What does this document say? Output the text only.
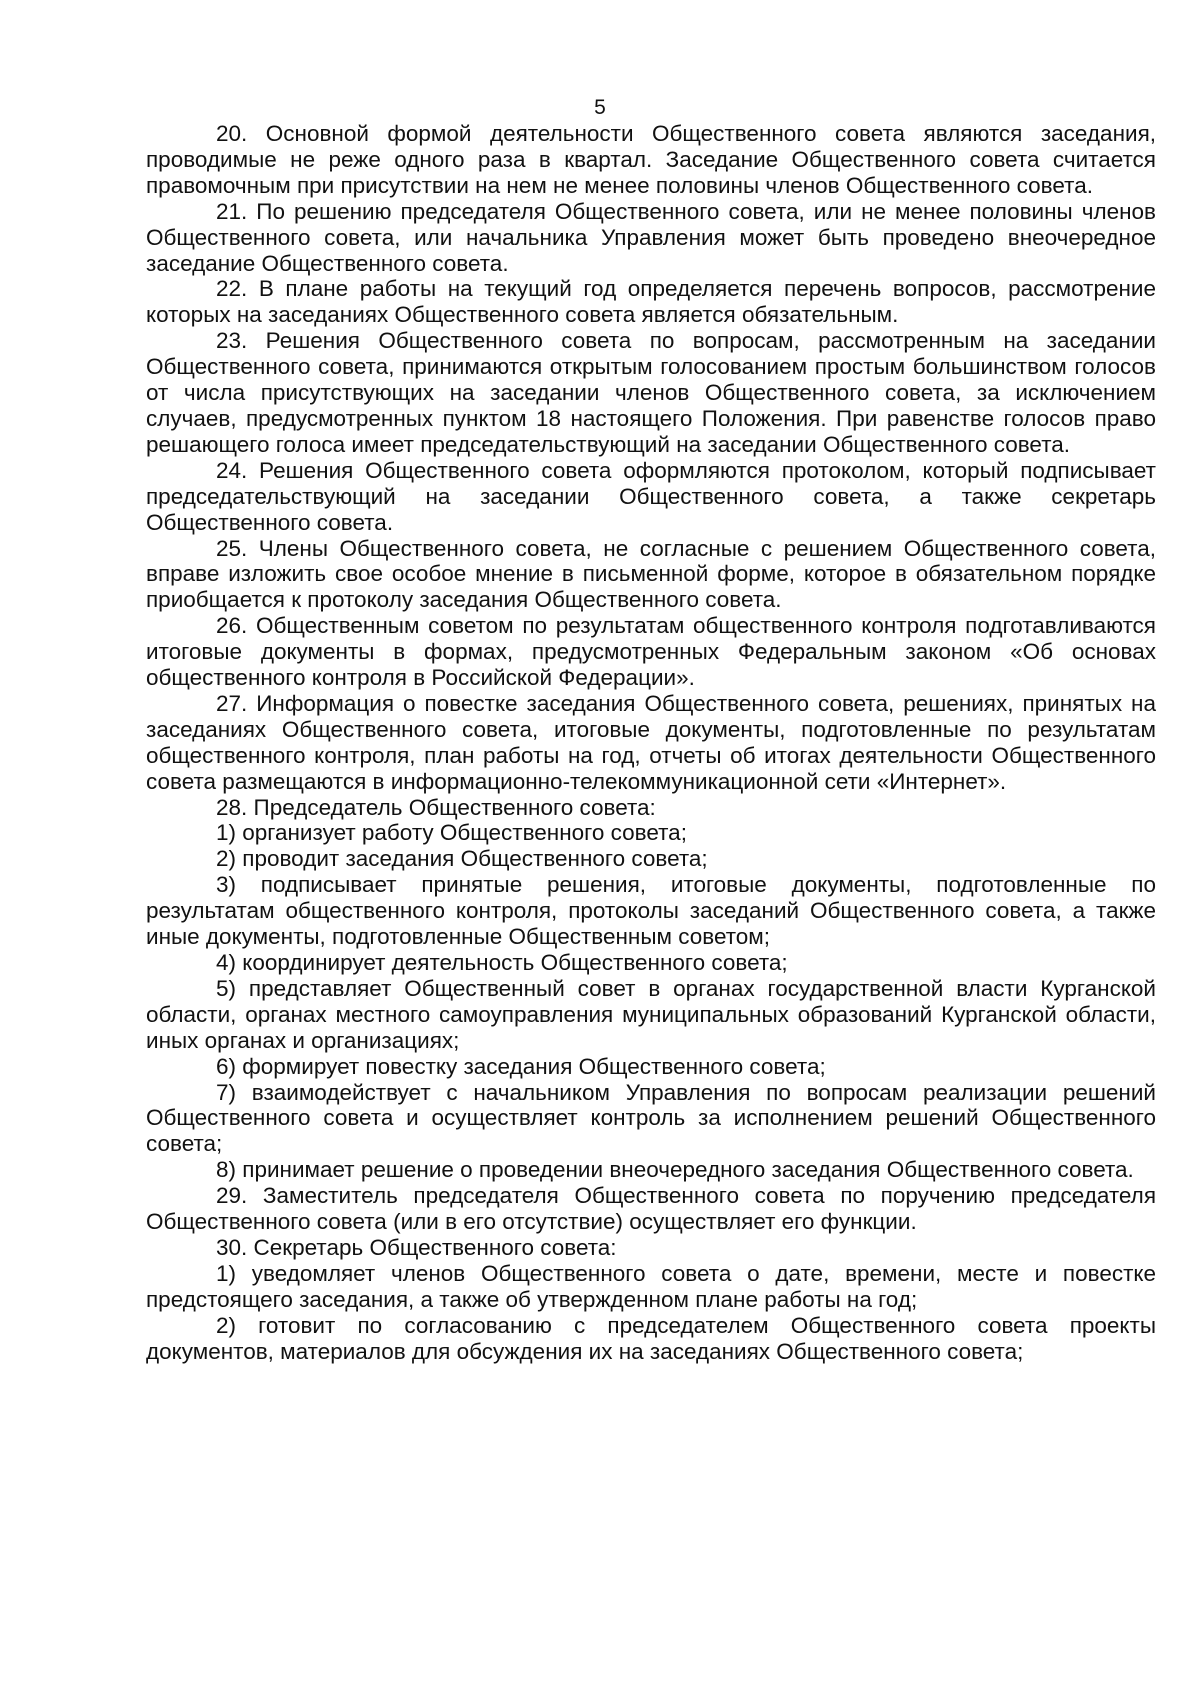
5

20. Основной формой деятельности Общественного совета являются заседания, проводимые не реже одного раза в квартал. Заседание Общественного совета считается правомочным при присутствии на нем не менее половины членов Общественного совета.

21. По решению председателя Общественного совета, или не менее половины членов Общественного совета, или начальника Управления может быть проведено внеочередное заседание Общественного совета.

22. В плане работы на текущий год определяется перечень вопросов, рассмотрение которых на заседаниях Общественного совета является обязательным.

23. Решения Общественного совета по вопросам, рассмотренным на заседании Общественного совета, принимаются открытым голосованием простым большинством голосов от числа присутствующих на заседании членов Общественного совета, за исключением случаев, предусмотренных пунктом 18 настоящего Положения. При равенстве голосов право решающего голоса имеет председательствующий на заседании Общественного совета.

24. Решения Общественного совета оформляются протоколом, который подписывает председательствующий на заседании Общественного совета, а также секретарь Общественного совета.

25. Члены Общественного совета, не согласные с решением Общественного совета, вправе изложить свое особое мнение в письменной форме, которое в обязательном порядке приобщается к протоколу заседания Общественного совета.

26. Общественным советом по результатам общественного контроля подготавливаются итоговые документы в формах, предусмотренных Федеральным законом «Об основах общественного контроля в Российской Федерации».

27. Информация о повестке заседания Общественного совета, решениях, принятых на заседаниях Общественного совета, итоговые документы, подготовленные по результатам общественного контроля, план работы на год, отчеты об итогах деятельности Общественного совета размещаются в информационно-телекоммуникационной сети «Интернет».

28. Председатель Общественного совета:

1) организует работу Общественного совета;

2) проводит заседания Общественного совета;

3) подписывает принятые решения, итоговые документы, подготовленные по результатам общественного контроля, протоколы заседаний Общественного совета, а также иные документы, подготовленные Общественным советом;

4) координирует деятельность Общественного совета;

5) представляет Общественный совет в органах государственной власти Курганской области, органах местного самоуправления муниципальных образований Курганской области, иных органах и организациях;

6) формирует повестку заседания Общественного совета;

7) взаимодействует с начальником Управления по вопросам реализации решений Общественного совета и осуществляет контроль за исполнением решений Общественного совета;

8) принимает решение о проведении внеочередного заседания Общественного совета.

29. Заместитель председателя Общественного совета по поручению председателя Общественного совета (или в его отсутствие) осуществляет его функции.

30. Секретарь Общественного совета:

1) уведомляет членов Общественного совета о дате, времени, месте и повестке предстоящего заседания, а также об утвержденном плане работы на год;

2) готовит по согласованию с председателем Общественного совета проекты документов, материалов для обсуждения их на заседаниях Общественного совета;
